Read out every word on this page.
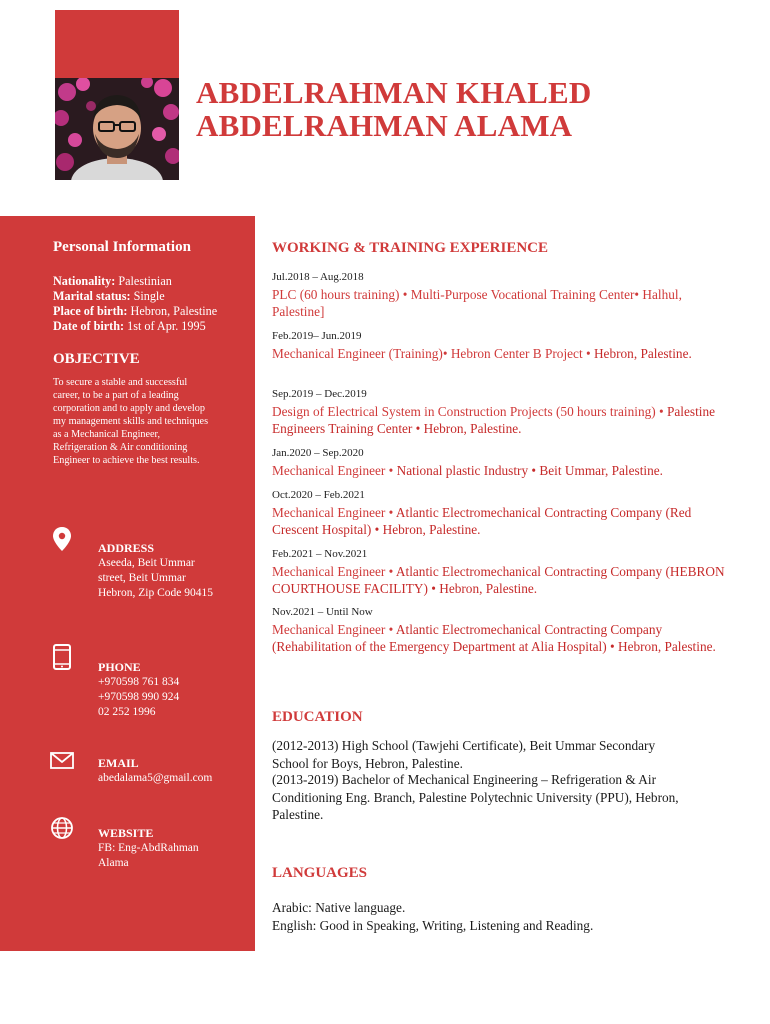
ABDELRAHMAN KHALED
ABDELRAHMAN ALAMA
Personal Information
Nationality: Palestinian
Marital status: Single
Place of birth: Hebron, Palestine
Date of birth: 1st of Apr. 1995
OBJECTIVE
To secure a stable and successful career, to be a part of a leading corporation and to apply and develop my management skills and techniques as a Mechanical Engineer, Refrigeration & Air conditioning Engineer to achieve the best results.
ADDRESS
Aseeda, Beit Ummar
street, Beit Ummar
Hebron, Zip Code 90415
PHONE
+970598 761 834
+970598 990 924
02 252 1996
EMAIL
abedalama5@gmail.com
WEBSITE
FB: Eng-AbdRahman
Alama
WORKING & TRAINING EXPERIENCE
Jul.2018 – Aug.2018
PLC (60 hours training) • Multi-Purpose Vocational Training Center• Halhul, Palestine]
Feb.2019– Jun.2019
Mechanical Engineer (Training)• Hebron Center B Project • Hebron, Palestine.
Sep.2019 – Dec.2019
Design of Electrical System in Construction Projects (50 hours training) • Palestine Engineers Training Center • Hebron, Palestine.
Jan.2020 – Sep.2020
Mechanical Engineer • National plastic Industry • Beit Ummar, Palestine.
Oct.2020 – Feb.2021
Mechanical Engineer • Atlantic Electromechanical Contracting Company (Red Crescent Hospital) • Hebron, Palestine.
Feb.2021 – Nov.2021
Mechanical Engineer • Atlantic Electromechanical Contracting Company (HEBRON COURTHOUSE FACILITY) • Hebron, Palestine.
Nov.2021 – Until Now
Mechanical Engineer • Atlantic Electromechanical Contracting Company (Rehabilitation of the Emergency Department at Alia Hospital) • Hebron, Palestine.
EDUCATION
(2012-2013) High School (Tawjehi Certificate), Beit Ummar Secondary School for Boys, Hebron, Palestine.
(2013-2019) Bachelor of Mechanical Engineering – Refrigeration & Air Conditioning Eng. Branch, Palestine Polytechnic University (PPU), Hebron, Palestine.
LANGUAGES
Arabic: Native language.
English: Good in Speaking, Writing, Listening and Reading.
